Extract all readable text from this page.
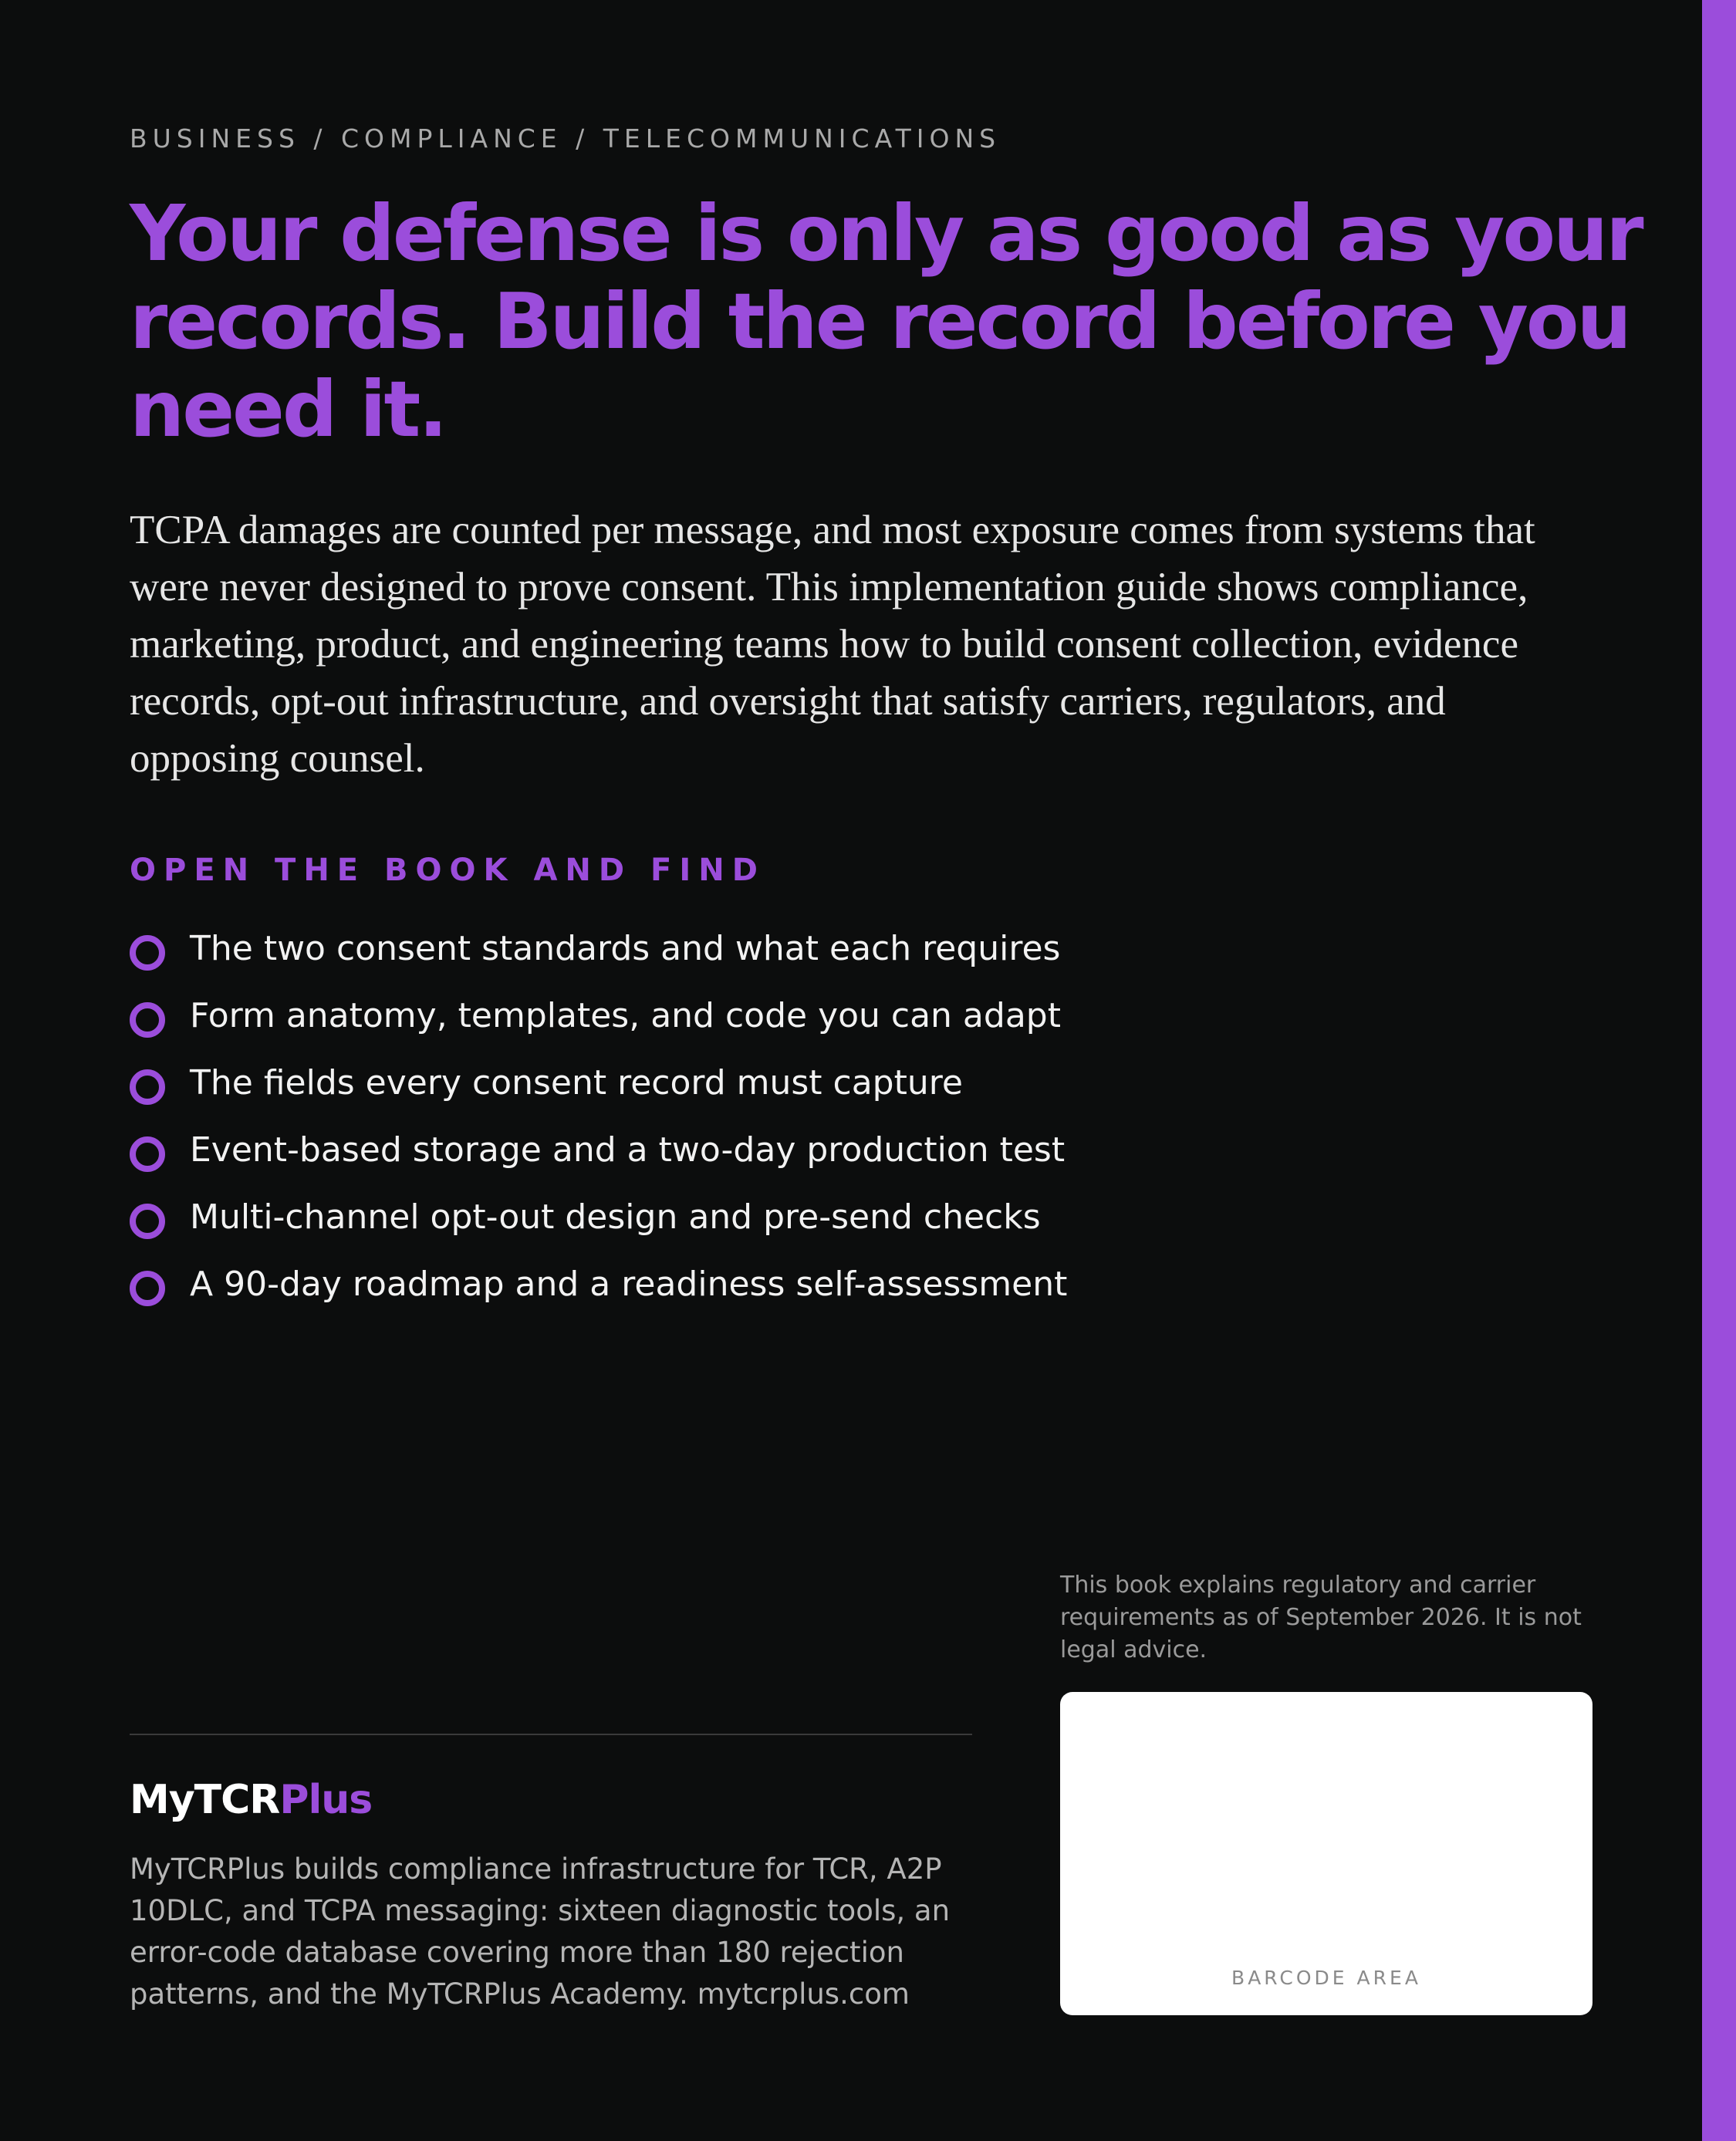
BUSINESS / COMPLIANCE / TELECOMMUNICATIONS
Your defense is only as good as your records. Build the record before you need it.

TCPA damages are counted per message, and most exposure comes from systems that were never designed to prove consent. This implementation guide shows compliance, marketing, product, and engineering teams how to build consent collection, evidence records, opt-out infrastructure, and oversight that satisfy carriers, regulators, and opposing counsel.

OPEN THE BOOK AND FIND
The two consent standards and what each requires
Form anatomy, templates, and code you can adapt
The fields every consent record must capture
Event-based storage and a two-day production test
Multi-channel opt-out design and pre-send checks
A 90-day roadmap and a readiness self-assessment

This book explains regulatory and carrier requirements as of September 2026. It is not legal advice.

BARCODE AREA
MyTCRPlus

MyTCRPlus builds compliance infrastructure for TCR, A2P 10DLC, and TCPA messaging: sixteen diagnostic tools, an error-code database covering more than 180 rejection patterns, and the MyTCRPlus Academy. mytcrplus.com
